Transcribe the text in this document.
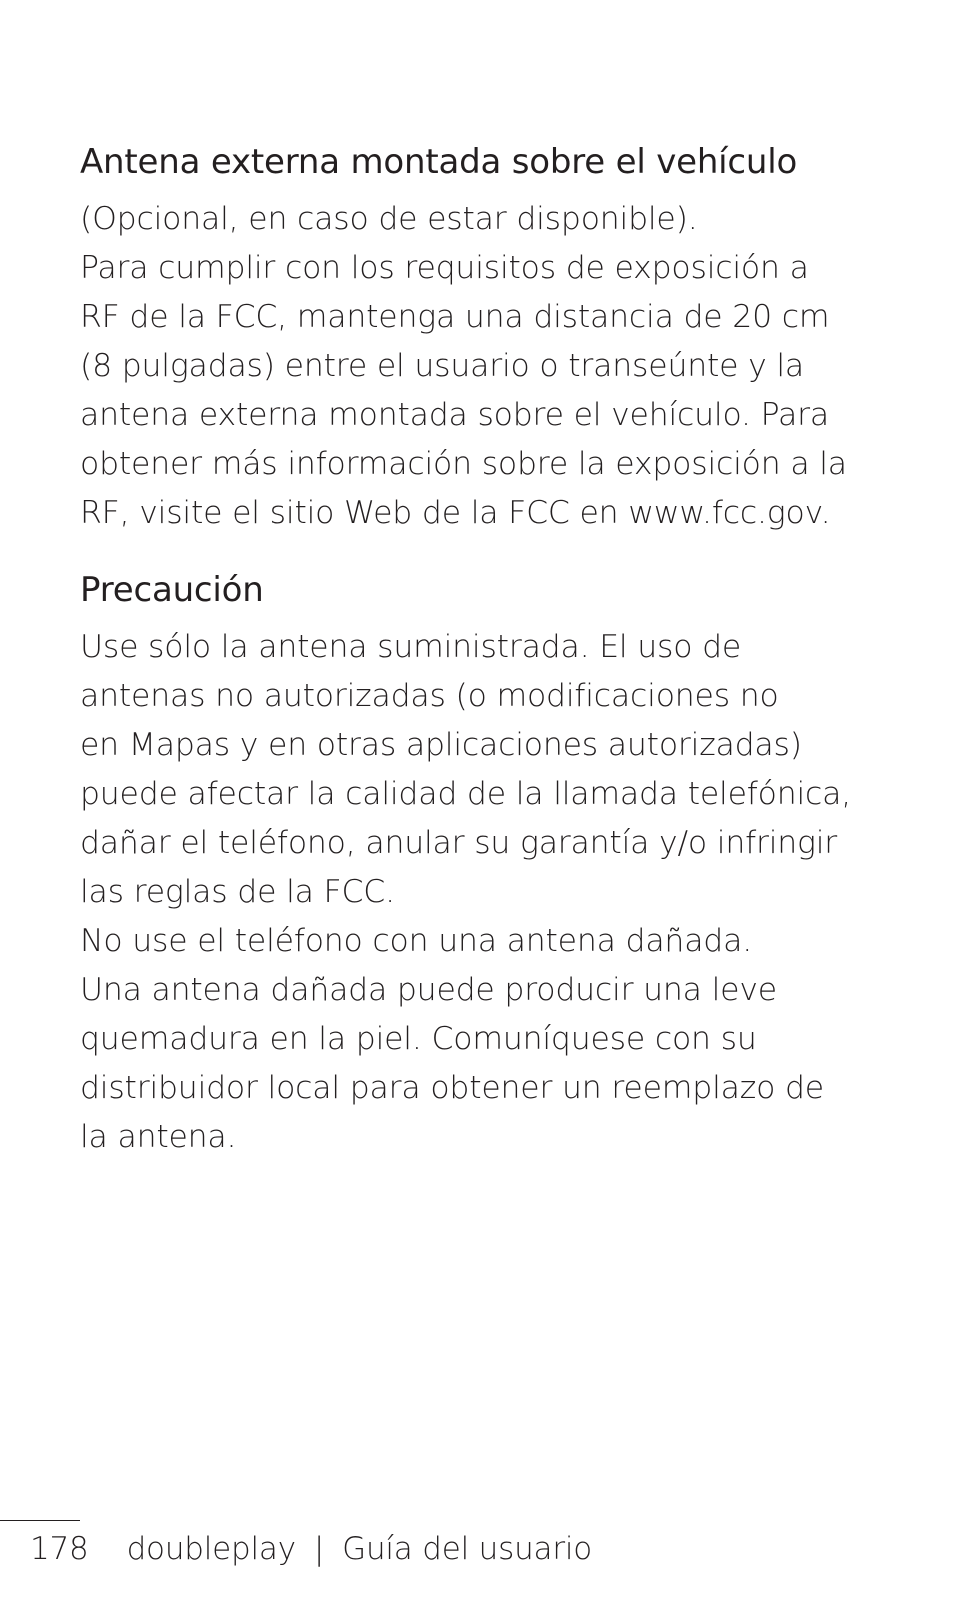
Antena externa montada sobre el vehículo
(Opcional, en caso de estar disponible).
Para cumplir con los requisitos de exposición a
RF de la FCC, mantenga una distancia de 20 cm
(8 pulgadas) entre el usuario o transeúnte y la
antena externa montada sobre el vehículo. Para
obtener más información sobre la exposición a la
RF, visite el sitio Web de la FCC en www.fcc.gov.
Precaución
Use sólo la antena suministrada. El uso de
antenas no autorizadas (o modificaciones no
en Mapas y en otras aplicaciones autorizadas)
puede afectar la calidad de la llamada telefónica,
dañar el teléfono, anular su garantía y/o infringir
las reglas de la FCC.
No use el teléfono con una antena dañada.
Una antena dañada puede producir una leve
quemadura en la piel. Comuníquese con su
distribuidor local para obtener un reemplazo de
la antena.
178 doubleplay | Guía del usuario
